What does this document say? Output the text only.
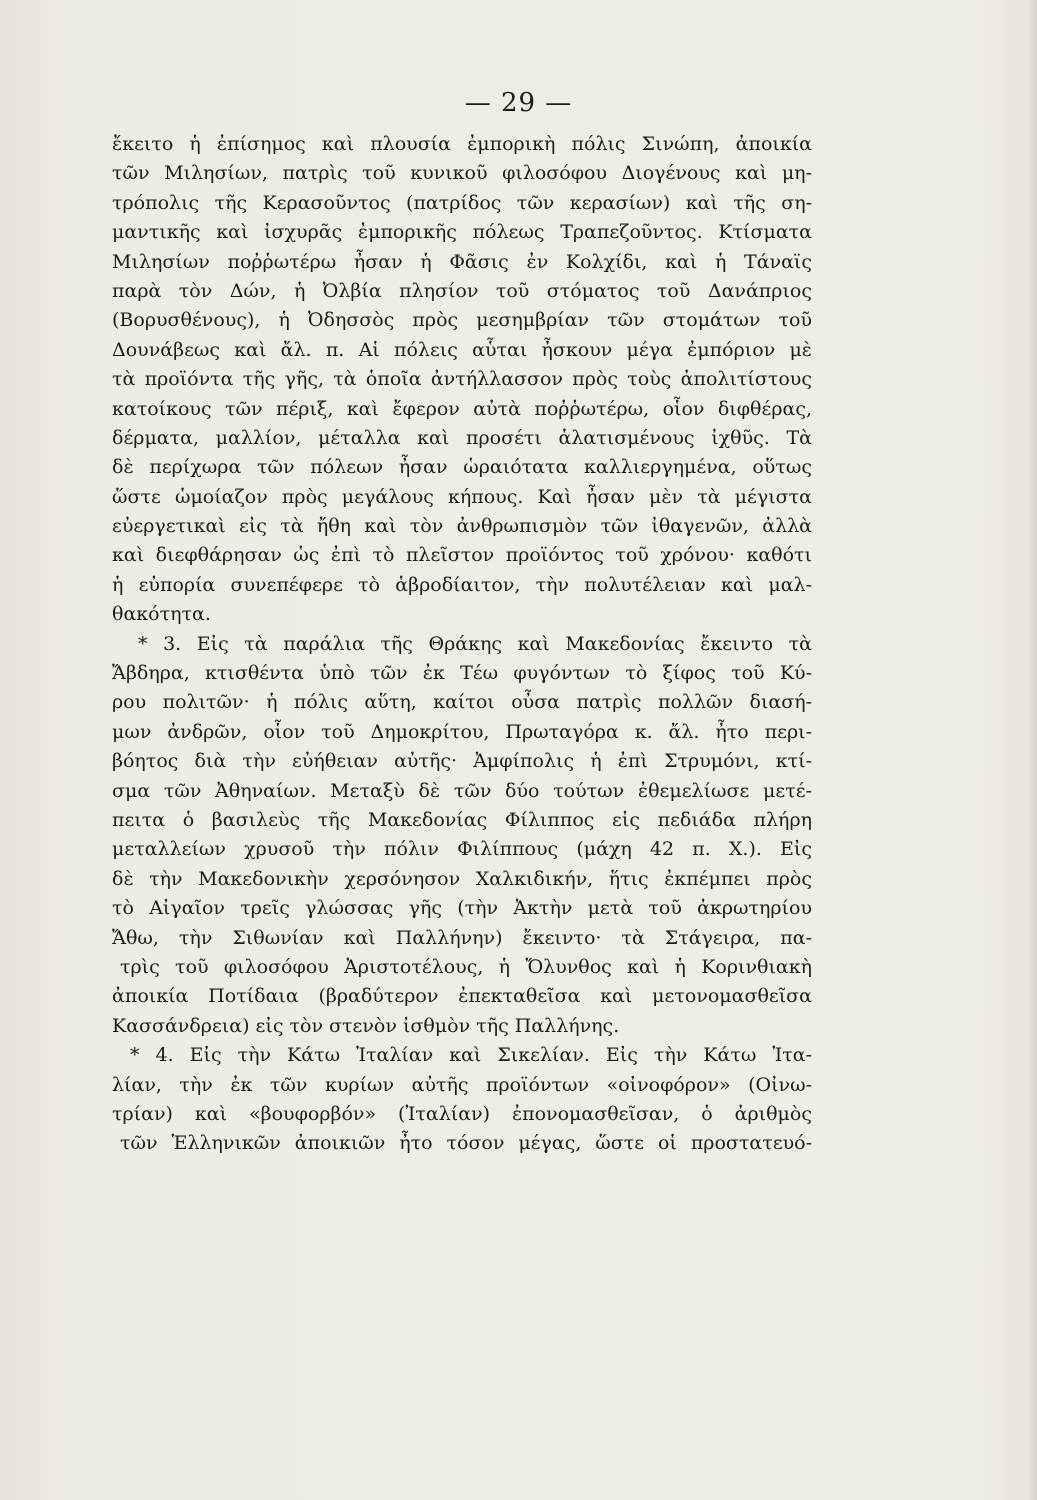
— 29 —
ἔκειτο ἡ ἐπίσημος καὶ πλουσία ἐμπορικὴ πόλις Σινώπη, ἀποικία
τῶν Μιλησίων, πατρὶς τοῦ κυνικοῦ φιλοσόφου Διογένους καὶ μη-
τρόπολις τῆς Κερασοῦντος (πατρίδος τῶν κερασίων) καὶ τῆς ση-
μαντικῆς καὶ ἰσχυρᾶς ἐμπορικῆς πόλεως Τραπεζοῦντος. Κτίσματα
Μιλησίων ποῤῥωτέρω ἦσαν ἡ Φᾶσις ἐν Κολχίδι, καὶ ἡ Τάναϊς
παρὰ τὸν Δών, ἡ Ὀλβία πλησίον τοῦ στόματος τοῦ Δανάπριος
(Βορυσθένους), ἡ Ὀδησσὸς πρὸς μεσημβρίαν τῶν στομάτων τοῦ
Δουνάβεως καὶ ἄλ. π. Αἱ πόλεις αὗται ἦσκουν μέγα ἐμπόριον μὲ
τὰ προϊόντα τῆς γῆς, τὰ ὁποῖα ἀντήλλασσον πρὸς τοὺς ἀπολιτίστους
κατοίκους τῶν πέριξ, καὶ ἔφερον αὐτὰ ποῤῥωτέρω, οἷον διφθέρας,
δέρματα, μαλλίον, μέταλλα καὶ προσέτι ἁλατισμένους ἰχθῦς. Τὰ
δὲ περίχωρα τῶν πόλεων ἦσαν ὡραιότατα καλλιεργημένα, οὕτως
ὥστε ὡμοίαζον πρὸς μεγάλους κήπους. Καὶ ἦσαν μὲν τὰ μέγιστα
εὐεργετικαὶ εἰς τὰ ἤθη καὶ τὸν ἀνθρωπισμὸν τῶν ἰθαγενῶν, ἀλλὰ
καὶ διεφθάρησαν ὡς ἐπὶ τὸ πλεῖστον προϊόντος τοῦ χρόνου· καθότι
ἡ εὐπορία συνεπέφερε τὸ ἁβροδίαιτον, τὴν πολυτέλειαν καὶ μαλ-
θακότητα.
* 3. Εἰς τὰ παράλια τῆς Θράκης καὶ Μακεδονίας ἔκειντο τὰ
Ἄβδηρα, κτισθέντα ὑπὸ τῶν ἐκ Τέω φυγόντων τὸ ξίφος τοῦ Κύ-
ρου πολιτῶν· ἡ πόλις αὕτη, καίτοι οὖσα πατρὶς πολλῶν διασή-
μων ἀνδρῶν, οἷον τοῦ Δημοκρίτου, Πρωταγόρα κ. ἄλ. ἦτο περι-
βόητος διὰ τὴν εὐήθειαν αὐτῆς· Ἀμφίπολις ἡ ἐπὶ Στρυμόνι, κτί-
σμα τῶν Ἀθηναίων. Μεταξὺ δὲ τῶν δύο τούτων ἐθεμελίωσε μετέ-
πειτα ὁ βασιλεὺς τῆς Μακεδονίας Φίλιππος εἰς πεδιάδα πλήρη
μεταλλείων χρυσοῦ τὴν πόλιν Φιλίππους (μάχη 42 π. Χ.). Εἰς
δὲ τὴν Μακεδονικὴν χερσόνησον Χαλκιδικήν, ἥτις ἐκπέμπει πρὸς
τὸ Αἰγαῖον τρεῖς γλώσσας γῆς (τὴν Ἀκτὴν μετὰ τοῦ ἀκρωτηρίου
Ἄθω, τὴν Σιθωνίαν καὶ Παλλήνην) ἔκειντο· τὰ Στάγειρα, πα-
τρὶς τοῦ φιλοσόφου Ἀριστοτέλους, ἡ Ὄλυνθος καὶ ἡ Κορινθιακὴ
ἀποικία Ποτίδαια (βραδύτερον ἐπεκταθεῖσα καὶ μετονομασθεῖσα
Κασσάνδρεια) εἰς τὸν στενὸν ἰσθμὸν τῆς Παλλήνης.
* 4. Εἰς τὴν Κάτω Ἰταλίαν καὶ Σικελίαν. Εἰς τὴν Κάτω Ἰτα-
λίαν, τὴν ἐκ τῶν κυρίων αὐτῆς προϊόντων «οἰνοφόρον» (Οἰνω-
τρίαν) καὶ «βουφορβόν» (Ἰταλίαν) ἐπονομασθεῖσαν, ὁ ἀριθμὸς
τῶν Ἑλληνικῶν ἀποικιῶν ἦτο τόσον μέγας, ὥστε οἱ προστατευό-
